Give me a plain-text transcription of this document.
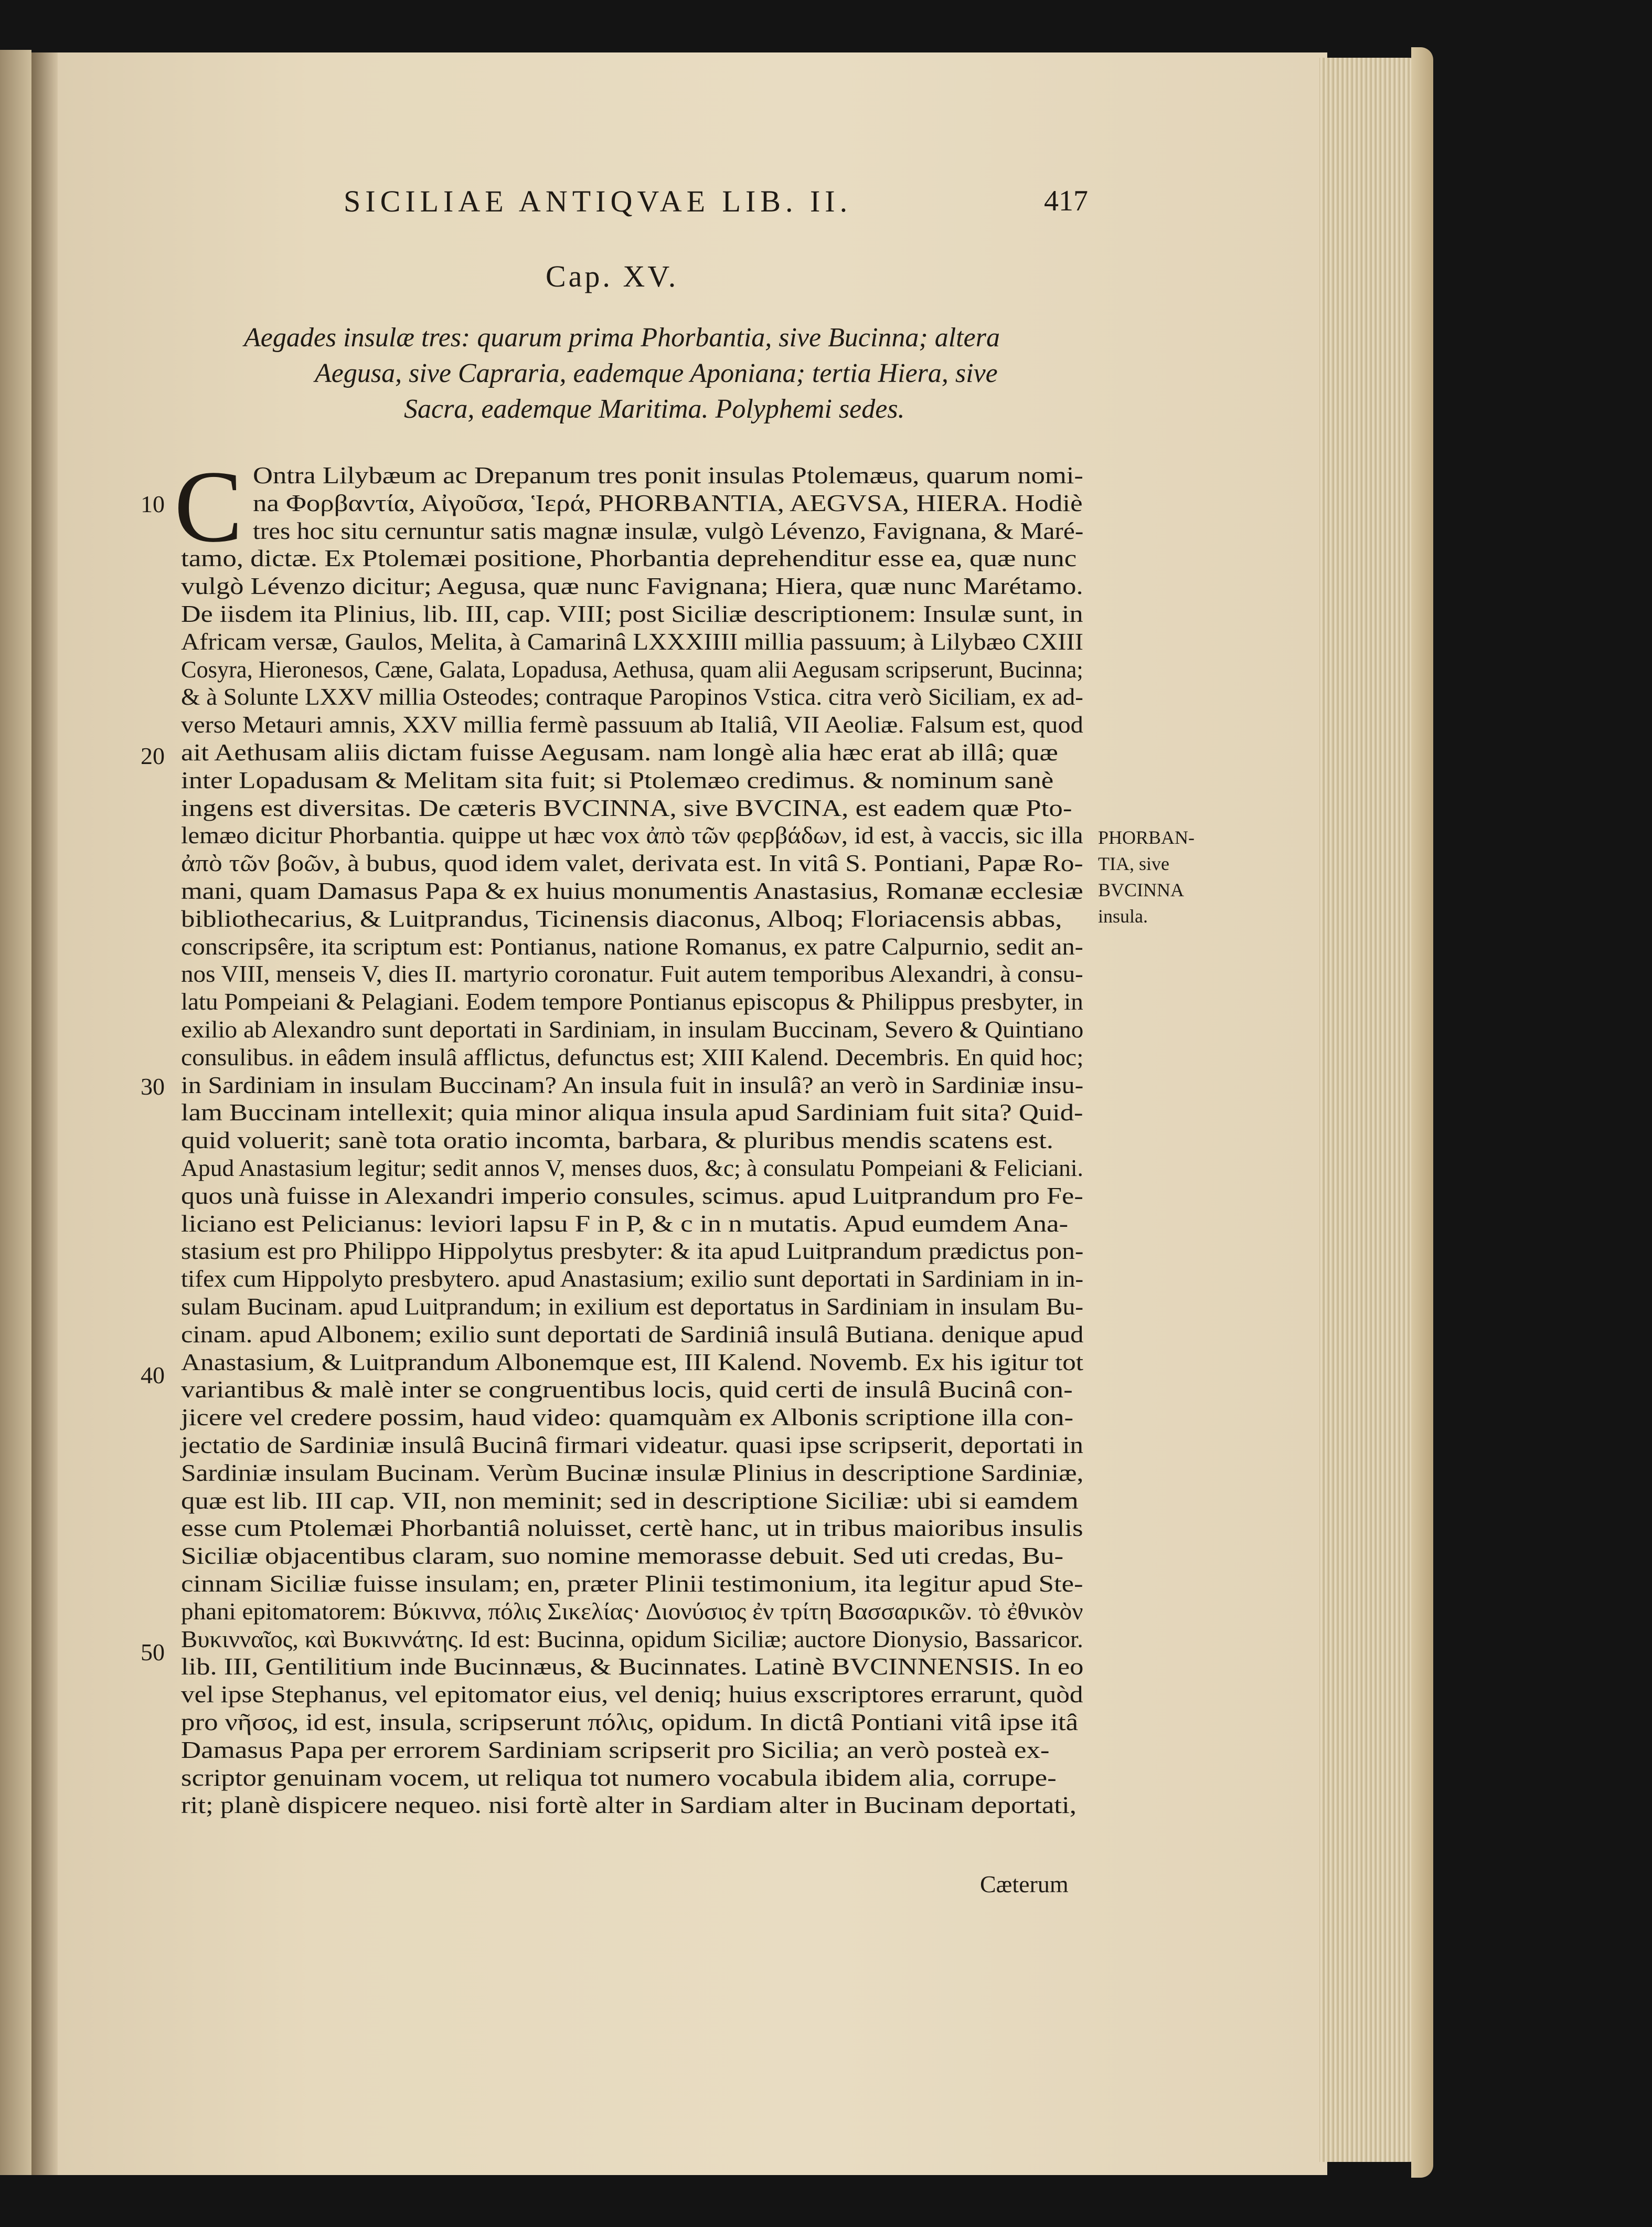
SICILIAE ANTIQVAE LIB. II.	417
Cap. XV.
Aegades insulæ tres: quarum prima Phorbantia, sive Bucinna; altera
Aegusa, sive Capraria, eademque Aponiana; tertia Hiera, sive
Sacra, eademque Maritima. Polyphemi sedes.
C Ontra Lilybæum ac Drepanum tres ponit insulas Ptolemæus, quarum nomi-
na Φορβαντία, Αἰγοῦσα, Ἱερά, PHORBANTIA, AEGVSA, HIERA. Hodiè
tres hoc situ cernuntur satis magnæ insulæ, vulgò Lévenzo, Favignana, & Maré-
tamo, dictæ. Ex Ptolemæi positione, Phorbantia deprehenditur esse ea, quæ nunc
vulgò Lévenzo dicitur; Aegusa, quæ nunc Favignana; Hiera, quæ nunc Marétamo.
De iisdem ita Plinius, lib. III, cap. VIII; post Siciliæ descriptionem: Insulæ sunt, in
Africam versæ, Gaulos, Melita, à Camarinâ LXXXIIII millia passuum; à Lilybæo CXIII
Cosyra, Hieronesos, Cæne, Galata, Lopadusa, Aethusa, quam alii Aegusam scripserunt, Bucinna;
& à Solunte LXXV millia Osteodes; contraque Paropinos Vstica. citra verò Siciliam, ex ad-
verso Metauri amnis, XXV millia fermè passuum ab Italiâ, VII Aeoliæ. Falsum est, quod
ait Aethusam aliis dictam fuisse Aegusam. nam longè alia hæc erat ab illâ; quæ
inter Lopadusam & Melitam sita fuit; si Ptolemæo credimus. & nominum sanè
ingens est diversitas. De cæteris BVCINNA, sive BVCINA, est eadem quæ Pto-
lemæo dicitur Phorbantia. quippe ut hæc vox ἀπὸ τῶν φερβάδων, id est, à vaccis, sic illa
ἀπὸ τῶν βοῶν, à bubus, quod idem valet, derivata est. In vitâ S. Pontiani, Papæ Ro-
mani, quam Damasus Papa & ex huius monumentis Anastasius, Romanæ ecclesiæ
bibliothecarius, & Luitprandus, Ticinensis diaconus, Alboq; Floriacensis abbas,
conscripsêre, ita scriptum est: Pontianus, natione Romanus, ex patre Calpurnio, sedit an-
nos VIII, menseis V, dies II. martyrio coronatur. Fuit autem temporibus Alexandri, à consu-
latu Pompeiani & Pelagiani. Eodem tempore Pontianus episcopus & Philippus presbyter, in
exilio ab Alexandro sunt deportati in Sardiniam, in insulam Buccinam, Severo & Quintiano
consulibus. in eâdem insulâ afflictus, defunctus est; XIII Kalend. Decembris. En quid hoc;
in Sardiniam in insulam Buccinam? An insula fuit in insulâ? an verò in Sardiniæ insu-
lam Buccinam intellexit; quia minor aliqua insula apud Sardiniam fuit sita? Quid-
quid voluerit; sanè tota oratio incomta, barbara, & pluribus mendis scatens est.
Apud Anastasium legitur; sedit annos V, menses duos, &c; à consulatu Pompeiani & Feliciani.
quos unà fuisse in Alexandri imperio consules, scimus. apud Luitprandum pro Fe-
liciano est Pelicianus: leviori lapsu F in P, & c in n mutatis. Apud eumdem Ana-
stasium est pro Philippo Hippolytus presbyter: & ita apud Luitprandum prædictus pon-
tifex cum Hippolyto presbytero. apud Anastasium; exilio sunt deportati in Sardiniam in in-
sulam Bucinam. apud Luitprandum; in exilium est deportatus in Sardiniam in insulam Bu-
cinam. apud Albonem; exilio sunt deportati de Sardiniâ insulâ Butiana. denique apud
Anastasium, & Luitprandum Albonemque est, III Kalend. Novemb. Ex his igitur tot
variantibus & malè inter se congruentibus locis, quid certi de insulâ Bucinâ con-
jicere vel credere possim, haud video: quamquàm ex Albonis scriptione illa con-
jectatio de Sardiniæ insulâ Bucinâ firmari videatur. quasi ipse scripserit, deportati in
Sardiniæ insulam Bucinam. Verùm Bucinæ insulæ Plinius in descriptione Sardiniæ,
quæ est lib. III cap. VII, non meminit; sed in descriptione Siciliæ: ubi si eamdem
esse cum Ptolemæi Phorbantiâ noluisset, certè hanc, ut in tribus maioribus insulis
Siciliæ objacentibus claram, suo nomine memorasse debuit. Sed uti credas, Bu-
cinnam Siciliæ fuisse insulam; en, præter Plinii testimonium, ita legitur apud Ste-
phani epitomatorem: Βύκιννα, πόλις Σικελίας· Διονύσιος ἐν τρίτη Βασσαρικῶν. τὸ ἐθνικὸν
Βυκινναῖος, καὶ Βυκιννάτης. Id est: Bucinna, opidum Siciliæ; auctore Dionysio, Bassaricor.
lib. III, Gentilitium inde Bucinnæus, & Bucinnates. Latinè BVCINNENSIS. In eo
vel ipse Stephanus, vel epitomator eius, vel deniq; huius exscriptores errarunt, quòd
pro νῆσος, id est, insula, scripserunt πόλις, opidum. In dictâ Pontiani vitâ ipse itâ
Damasus Papa per errorem Sardiniam scripserit pro Sicilia; an verò posteà ex-
scriptor genuinam vocem, ut reliqua tot numero vocabula ibidem alia, corrupe-
rit; planè dispicere nequeo. nisi fortè alter in Sardiam alter in Bucinam deportati,
10
20
30
40
50
PHORBAN-
TIA, sive
BVCINNA
insula.
Cæterum
